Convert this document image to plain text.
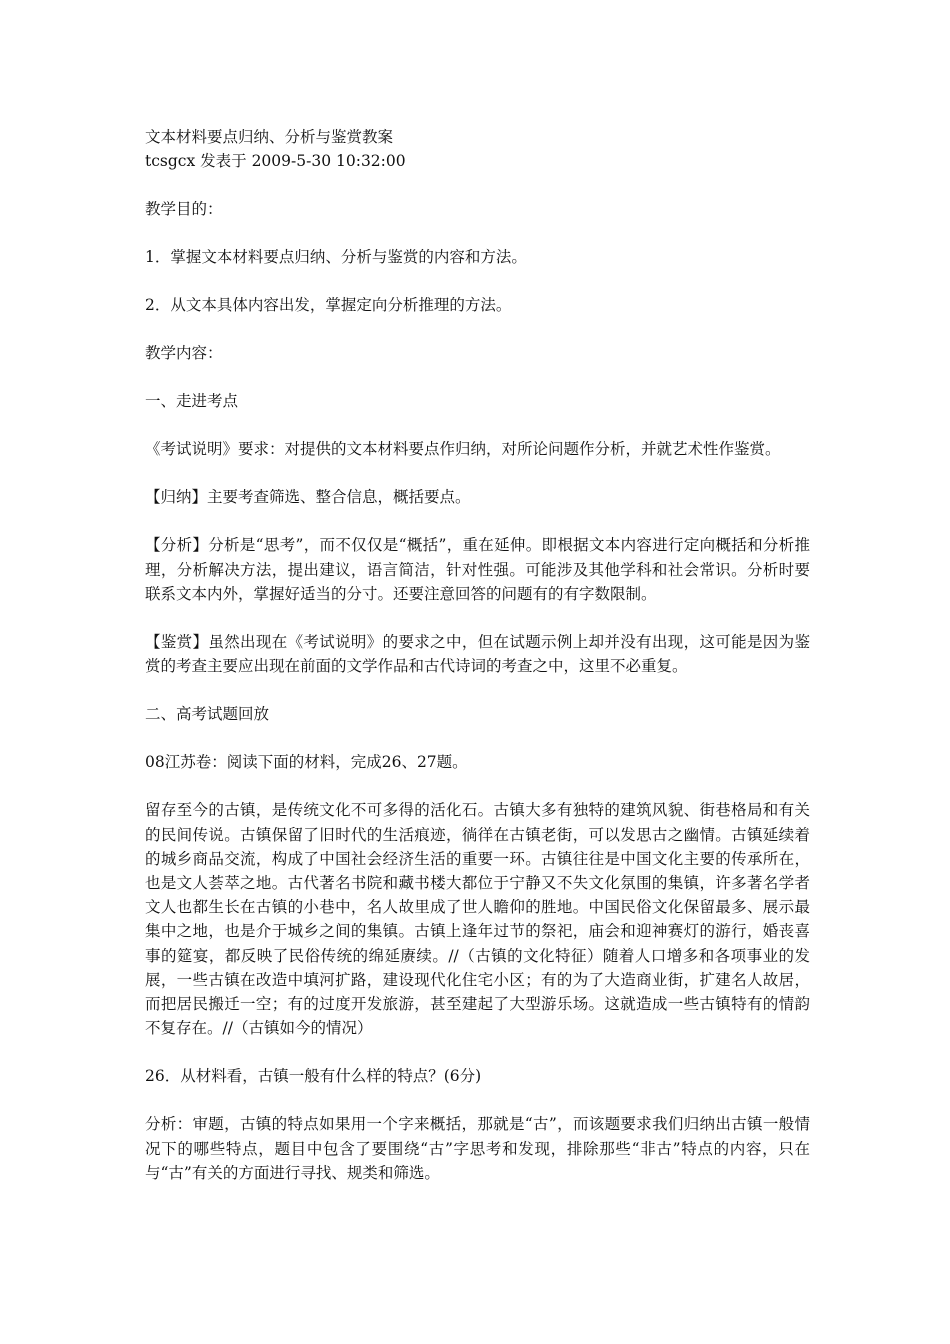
文本材料要点归纳、分析与鉴赏教案
tcsgcx 发表于 2009-5-30 10:32:00
教学目的：
1．掌握文本材料要点归纳、分析与鉴赏的内容和方法。
2．从文本具体内容出发，掌握定向分析推理的方法。
教学内容：
一、走进考点
《考试说明》要求：对提供的文本材料要点作归纳，对所论问题作分析，并就艺术性作鉴赏。
【归纳】主要考查筛选、整合信息，概括要点。
【分析】分析是“思考”，而不仅仅是“概括”，重在延伸。即根据文本内容进行定向概括和分析推理，分析解决方法，提出建议，语言简洁，针对性强。可能涉及其他学科和社会常识。分析时要联系文本内外，掌握好适当的分寸。还要注意回答的问题有的有字数限制。
【鉴赏】虽然出现在《考试说明》的要求之中，但在试题示例上却并没有出现，这可能是因为鉴赏的考查主要应出现在前面的文学作品和古代诗词的考查之中，这里不必重复。
二、高考试题回放
08江苏卷：阅读下面的材料，完成26、27题。
留存至今的古镇，是传统文化不可多得的活化石。古镇大多有独特的建筑风貌、街巷格局和有关的民间传说。古镇保留了旧时代的生活痕迹，徜徉在古镇老街，可以发思古之幽情。古镇延续着的城乡商品交流，构成了中国社会经济生活的重要一环。古镇往往是中国文化主要的传承所在，也是文人荟萃之地。古代著名书院和藏书楼大都位于宁静又不失文化氛围的集镇，许多著名学者文人也都生长在古镇的小巷中，名人故里成了世人瞻仰的胜地。中国民俗文化保留最多、展示最集中之地，也是介于城乡之间的集镇。古镇上逢年过节的祭祀，庙会和迎神赛灯的游行，婚丧喜事的筵宴，都反映了民俗传统的绵延赓续。//（古镇的文化特征）随着人口增多和各项事业的发展，一些古镇在改造中填河扩路，建设现代化住宅小区；有的为了大造商业街，扩建名人故居，而把居民搬迁一空；有的过度开发旅游，甚至建起了大型游乐场。这就造成一些古镇特有的情韵不复存在。//（古镇如今的情况）
26．从材料看，古镇一般有什么样的特点？(6分)
分析：审题，古镇的特点如果用一个字来概括，那就是“古”，而该题要求我们归纳出古镇一般情况下的哪些特点，题目中包含了要围绕“古”字思考和发现，排除那些“非古”特点的内容，只在与“古”有关的方面进行寻找、规类和筛选。
